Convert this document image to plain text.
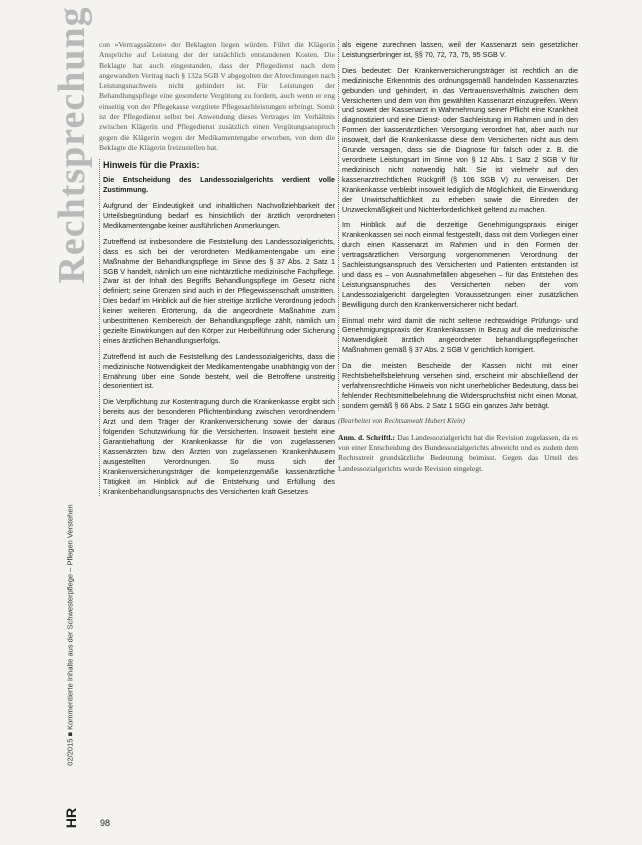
Rechtsprechung
02/2015 ■ Kommentierte Inhalte aus der Schwesterpflege – Pflegen Verstehen
HR 98

con »Vertragssätzen« der Beklagten liegen würden. Führt die Klägerin Ansprüche auf Leistung der der tatsächlich entstandenen Kosten. Die Beklagte hat auch eingestanden, dass der Pflegedienst nach dem angewandten Vertrag nach § 132a SGB V abgegolten der Abrechnungen nach Leistungsnachweis nicht gehindert ist. Für Leistungen der Behandlungspflege eine gesonderte Vergütung zu fordern, auch wenn er eng einseitig von der Pflegekasse vergütete Pflegesachleistungen erbringt. Somit ist der Pflegedienst selbst bei Anwendung dieses Vertrages im Verhältnis zwischen Klägerin und Pflegedienst zusätzlich einen Vergütungsanspruch gegen die Klägerin wegen der Medikamentengabe erworben, von dem die Beklagte die Klägerin freizustellen hat.

Hinweis für die Praxis:

Die Entscheidung des Landessozialgerichts verdient volle Zustimmung.

Aufgrund der Eindeutigkeit und inhaltlichen Nachvollziehbarkeit der Urteilsbegründung bedarf es hinsichtlich der ärztlich verordneten Medikamentengabe keiner ausführlichen Anmerkungen.

Zutreffend ist insbesondere die Feststellung des Landessozialgerichts, dass es sich bei der verordneten Medikamentengabe um eine Maßnahme der Behandlungspflege im Sinne des § 37 Abs. 2 Satz 1 SGB V handelt, nämlich um eine nichtärztliche medizinische Fachpflege. Zwar ist der Inhalt des Begriffs Behandlungspflege im Gesetz nicht definiert; seine Grenzen sind auch in der Pflegewissenschaft umstritten. Dies bedarf im Hinblick auf die hier streitige ärztliche Verordnung jedoch keiner weiteren Erörterung, da die angeordnete Maßnahme zum unbestrittenen Kernbereich der Behandlungspflege zählt, nämlich um gezielte Einwirkungen auf den Körper zur Herbeiführung oder Sicherung eines ärztlichen Behandlungserfolgs.

Zutreffend ist auch die Feststellung des Landessozialgerichts, dass die medizinische Notwendigkeit der Medikamentengabe unabhängig von der Ernährung über eine Sonde besteht, weil die Betroffene unstreitig desorientiert ist.

Die Verpflichtung zur Kostentragung durch die Krankenkasse ergibt sich bereits aus der besonderen Pflichtenbindung zwischen verordnendem Arzt und dem Träger der Krankenversicherung sowie der daraus folgenden Schutzwirkung für die Versicherten. Insoweit besteht eine Garantiehaftung der Krankenkasse für die von zugelassenen Kassenärzten bzw. den Ärzten von zugelassenen Krankenhäusern ausgestellten Verordnungen. So muss sich der Krankenversicherungsträger die kompetenzgemäße kassenärztliche Tätigkeit im Hinblick auf die Entstehung und Erfüllung des Krankenbehandlungsanspruchs des Versicherten kraft Gesetzes

als eigene zurechnen lassen, weil der Kassenarzt sein gesetzlicher Leistungserbringer ist, §§ 70, 72, 73, 75, 95 SGB V.

Dies bedeutet: Der Krankenversicherungsträger ist rechtlich an die medizinische Erkenntnis des ordnungsgemäß handelnden Kassenarztes gebunden und gehindert, in das Vertrauensverhältnis zwischen dem Versicherten und dem von ihm gewählten Kassenarzt einzugreifen. Wenn und soweit der Kassenarzt in Wahrnehmung seiner Pflicht eine Krankheit diagnostiziert und eine Dienst- oder Sachleistung im Rahmen und in den Formen der kassenärztlichen Versorgung verordnet hat, aber auch nur insoweit, darf die Krankenkasse diese dem Versicherten nicht aus dem Grunde versagen, dass sie die Diagnose für falsch oder z. B. die verordnete Leistungsart im Sinne von § 12 Abs. 1 Satz 2 SGB V für medizinisch nicht notwendig hält. Sie ist vielmehr auf den kassenarztrechtlichen Rückgriff (§ 106 SGB V) zu verweisen. Der Krankenkasse verbleibt insoweit lediglich die Möglichkeit, die Einwendung der Unwirtschaftlichkeit zu erheben sowie die Einreden der Unzweckmäßigkeit und Nichterforderlichkeit geltend zu machen.

Im Hinblick auf die derzeitige Genehmigungspraxis einiger Krankenkassen sei noch einmal festgestellt, dass mit dem Vorliegen einer durch einen Kassenarzt im Rahmen und in den Formen der vertragsärztlichen Versorgung vorgenommenen Verordnung der Sachleistungsanspruch des Versicherten und Patienten entstanden ist und dass es – von Ausnahmefällen abgesehen – für das Entstehen des Leistungsanspruches des Versicherten neben der vom Landessozialgericht dargelegten Voraussetzungen einer zusätzlichen Bewilligung durch den Krankenversicherer nicht bedarf.

Einmal mehr wird damit die nicht seltene rechtswidrige Prüfungs- und Genehmigungspraxis der Krankenkassen in Bezug auf die medizinische Notwendigkeit ärztlich angeordneter behandlungspflegerischer Maßnahmen gemäß § 37 Abs. 2 SGB V gerichtlich korrigiert.

Da die meisten Bescheide der Kassen nicht mit einer Rechtsbehelfsbelehrung versehen sind, erscheint mir abschließend der verfahrensrechtliche Hinweis von nicht unerheblicher Bedeutung, dass bei fehlender Rechtsmittelbelehrung die Widerspruchsfrist nicht einen Monat, sondern gemäß § 66 Abs. 2 Satz 1 SGG ein ganzes Jahr beträgt.

(Bearbeitet von Rechtsanwalt Hubert Klein)

Anm. d. Schriftl.: Das Landessozialgericht hat die Revision zugelassen, da es von einer Entscheidung des Bundessozialgerichts abweicht und es zudem dem Rechtsstreit grundsätzliche Bedeutung beimisst. Gegen das Urteil des Landessozialgerichts wurde Revision eingelegt.
